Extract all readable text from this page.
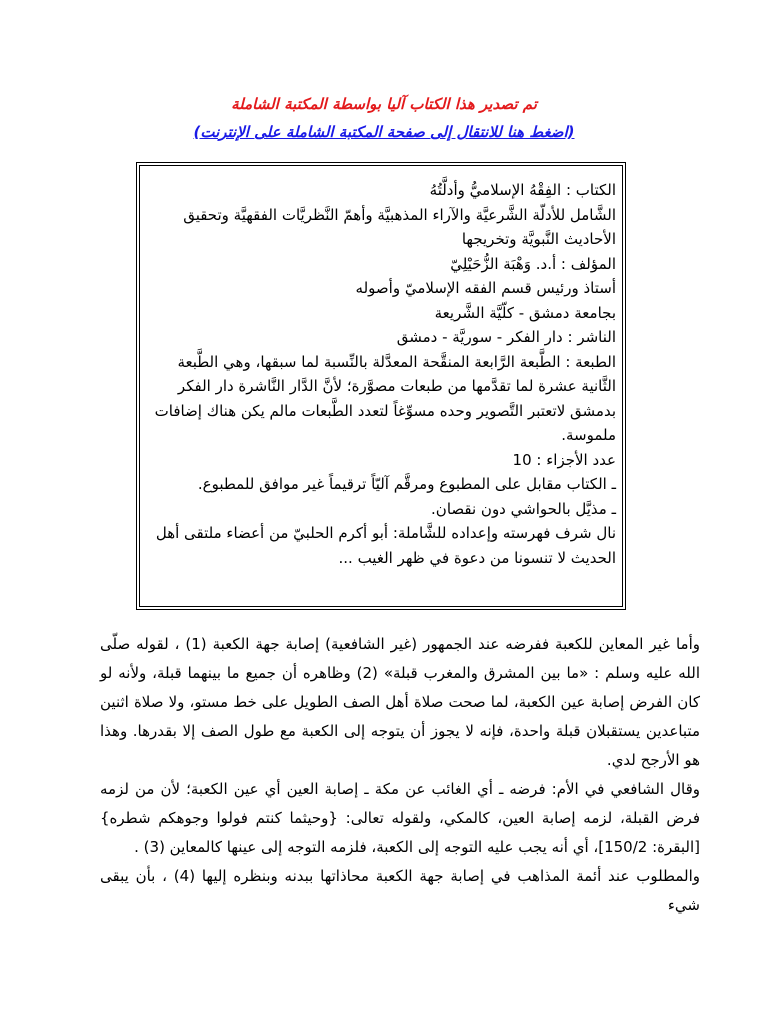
تم تصدير هذا الكتاب آليا بواسطة المكتبة الشاملة
(اضغط هنا للانتقال إلى صفحة المكتبة الشاملة على الإنترنت)
الكتاب : الفِقْهُ الإسلاميُّ وأدلَّتُهُ
الشَّامل للأدلّة الشَّرعيَّة والآراء المذهبيَّة وأهمّ النَّظريَّات الفقهيَّة وتحقيق الأحاديث النَّبويَّة وتخريجها
المؤلف : أ.د. وَهْبَة الزُّحَيْلِيّ
أستاذ ورئيس قسم الفقه الإسلاميّ وأصوله
بجامعة دمشق - كلّيَّة الشَّريعة
الناشر : دار الفكر - سوريَّة - دمشق
الطبعة : الطَّبعة الرَّابعة المنقَّحة المعدَّلة بالنِّسبة لما سبقها، وهي الطَّبعة الثَّانية عشرة لما تقدَّمها من طبعات مصوَّرة؛ لأنَّ الدَّار النَّاشرة دار الفكر بدمشق لاتعتبر التَّصوير وحده مسوِّغاً لتعدد الطَّبعات مالم يكن هناك إضافات ملموسة.
عدد الأجزاء : 10
ـ الكتاب مقابل على المطبوع ومرقَّم آليّاً ترقيماً غير موافق للمطبوع.
ـ مذيَّل بالحواشي دون نقصان.
نال شرف فهرسته وإعداده للشَّاملة: أبو أكرم الحلبيّ من أعضاء ملتقى أهل الحديث لا تنسونا من دعوة في ظهر الغيب ...

وأما غير المعاين للكعبة ففرضه عند الجمهور (غير الشافعية) إصابة جهة الكعبة (1) ، لقوله صلّى الله عليه وسلم : «ما بين المشرق والمغرب قبلة» (2) وظاهره أن جميع ما بينهما قبلة، ولأنه لو كان الفرض إصابة عين الكعبة، لما صحت صلاة أهل الصف الطويل على خط مستو، ولا صلاة اثنين متباعدين يستقبلان قبلة واحدة، فإنه لا يجوز أن يتوجه إلى الكعبة مع طول الصف إلا بقدرها. وهذا هو الأرجح لدي.

وقال الشافعي في الأم: فرضه ـ أي الغائب عن مكة ـ إصابة العين أي عين الكعبة؛ لأن من لزمه فرض القبلة، لزمه إصابة العين، كالمكي، ولقوله تعالى: {وحيثما كنتم فولوا وجوهكم شطره} [البقرة: 150/2]، أي أنه يجب عليه التوجه إلى الكعبة، فلزمه التوجه إلى عينها كالمعاين (3) .

والمطلوب عند أئمة المذاهب في إصابة جهة الكعبة محاذاتها ببدنه وبنظره إليها (4) ، بأن يبقى شيء
